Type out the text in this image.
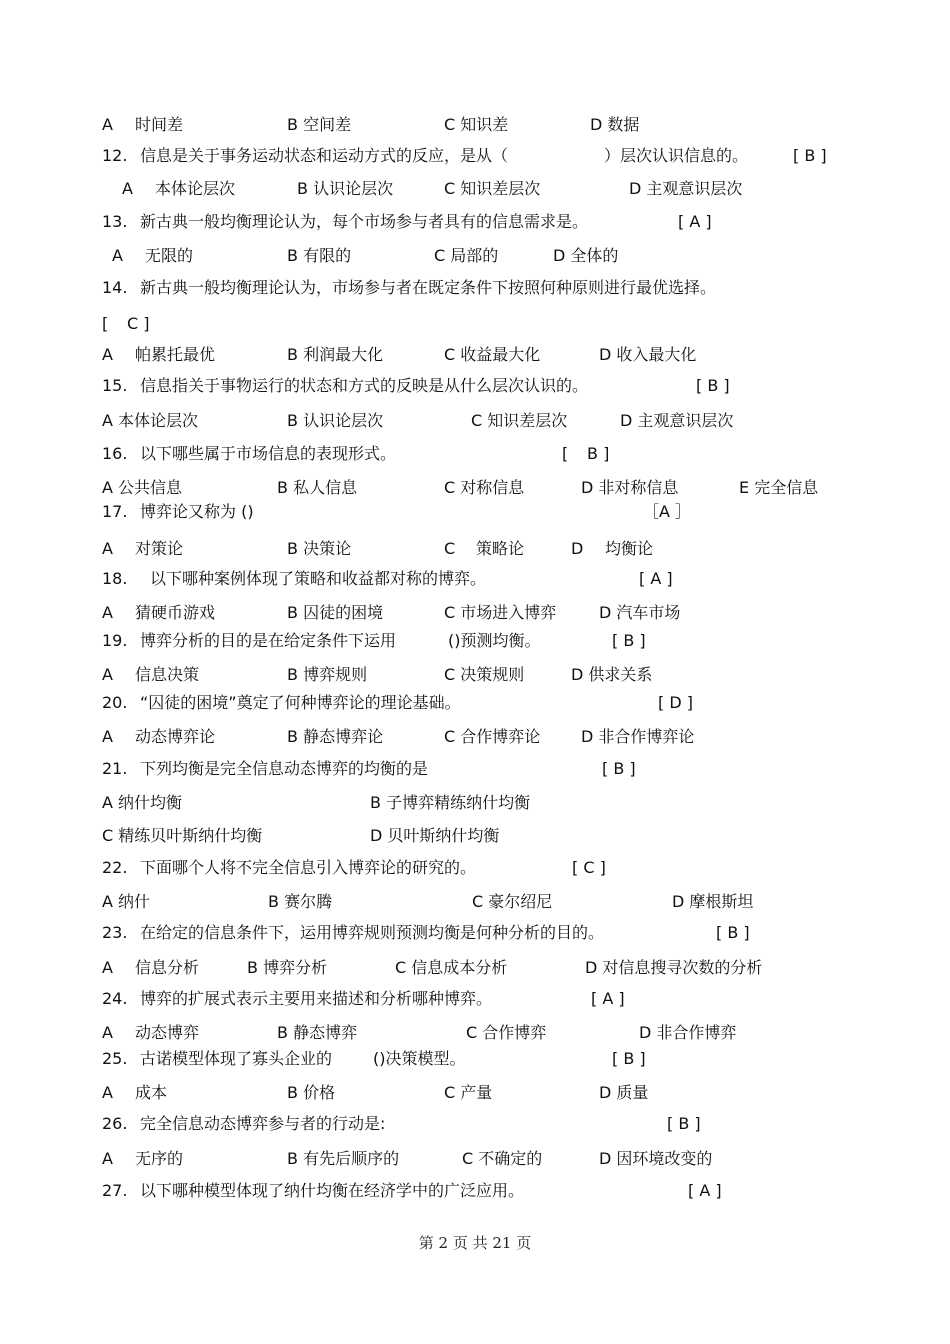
A 时间差	B 空间差	C 知识差	D 数据
12. 信息是关于事务运动状态和运动方式的反应，是从（	）层次认识信息的。	[ B ]
A 本体论层次	B 认识论层次	C 知识差层次	D 主观意识层次
13. 新古典一般均衡理论认为，每个市场参与者具有的信息需求是。	[ A ]
A 无限的	B 有限的	C 局部的	D 全体的
14. 新古典一般均衡理论认为，市场参与者在既定条件下按照何种原则进行最优选择。
[ C ]
A 帕累托最优	B 利润最大化	C 收益最大化	D 收入最大化
15. 信息指关于事物运行的状态和方式的反映是从什么层次认识的。	[ B ]
A 本体论层次	B 认识论层次	C 知识差层次	D 主观意识层次
16. 以下哪些属于市场信息的表现形式。	[ B ]
A 公共信息	B 私人信息	C 对称信息	D 非对称信息	E 完全信息
17. 博弈论又称为 ()	［A ］
A 对策论	B 决策论	C 策略论	D 均衡论
18. 以下哪种案例体现了策略和收益都对称的博弈。	[ A ]
A 猜硬币游戏	B 囚徒的困境	C 市场进入博弈	D 汽车市场
19. 博弈分析的目的是在给定条件下运用	()预测均衡。	[ B ]
A 信息决策	B 博弈规则	C 决策规则	D 供求关系
20. “囚徒的困境”奠定了何种博弈论的理论基础。	[ D ]
A 动态博弈论	B 静态博弈论	C 合作博弈论	D 非合作博弈论
21. 下列均衡是完全信息动态博弈的均衡的是	[ B ]
A 纳什均衡	B 子博弈精练纳什均衡
C 精练贝叶斯纳什均衡	D 贝叶斯纳什均衡
22. 下面哪个人将不完全信息引入博弈论的研究的。	[ C ]
A 纳什	B 赛尔腾	C 豪尔绍尼	D 摩根斯坦
23. 在给定的信息条件下，运用博弈规则预测均衡是何种分析的目的。	[ B ]
A 信息分析	B 博弈分析	C 信息成本分析	D 对信息搜寻次数的分析
24. 博弈的扩展式表示主要用来描述和分析哪种博弈。	[ A ]
A 动态博弈	B 静态博弈	C 合作博弈	D 非合作博弈
25. 古诺模型体现了寡头企业的	()决策模型。	[ B ]
A 成本	B 价格	C 产量	D 质量
26. 完全信息动态博弈参与者的行动是:	[ B ]
A 无序的	B 有先后顺序的	C 不确定的	D 因环境改变的
27. 以下哪种模型体现了纳什均衡在经济学中的广泛应用。	[ A ]
第 2 页 共 21 页
